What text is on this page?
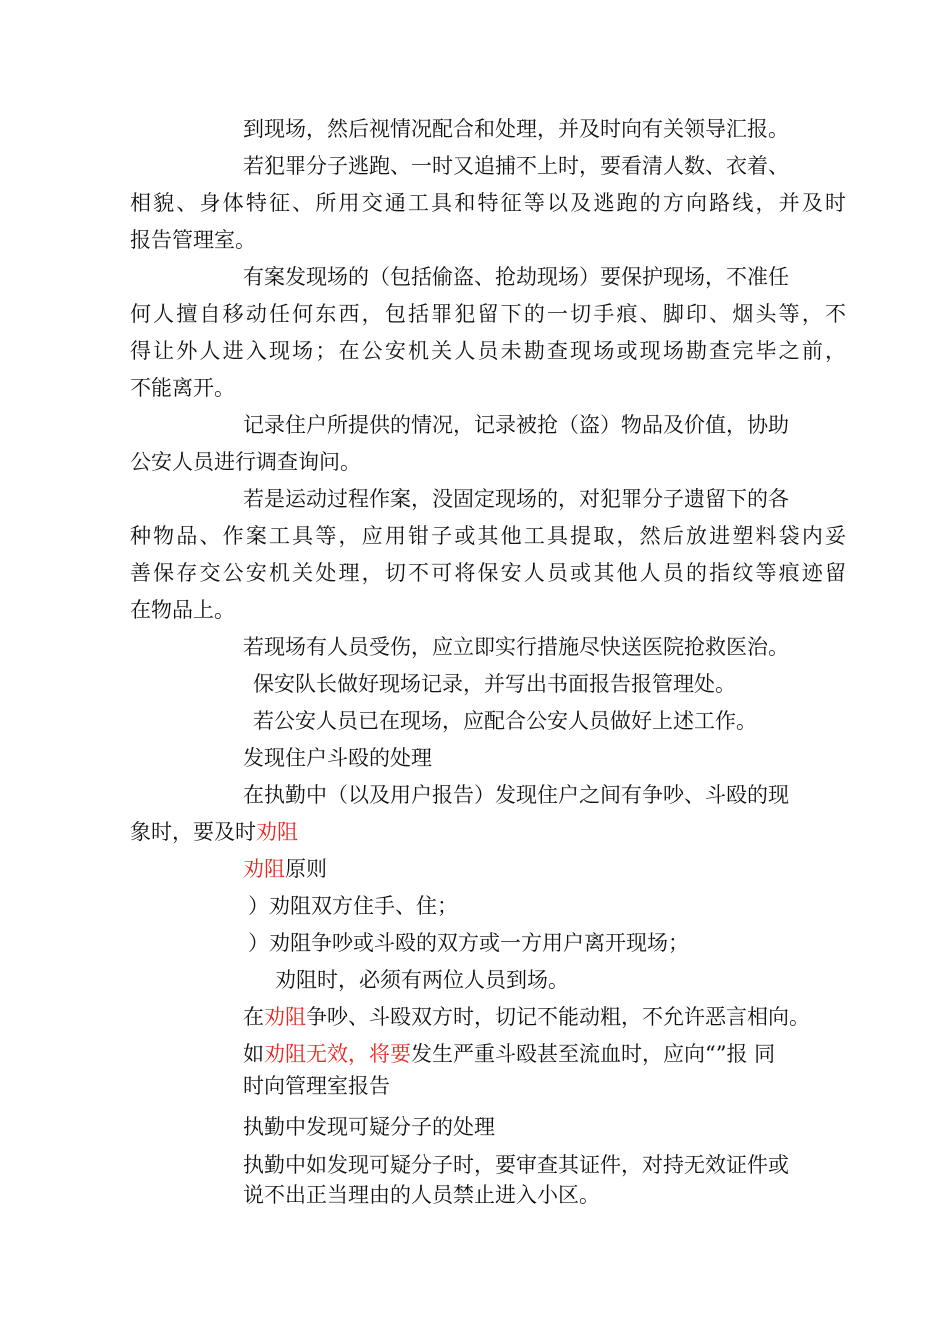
到现场，然后视情况配合和处理，并及时向有关领导汇报。
若犯罪分子逃跑、一时又追捕不上时，要看清人数、衣着、
相貌、身体特征、所用交通工具和特征等以及逃跑的方向路线，并及时
报告管理室。
有案发现场的（包括偷盗、抢劫现场）要保护现场，不准任
何人擅自移动任何东西，包括罪犯留下的一切手痕、脚印、烟头等，不
得让外人进入现场；在公安机关人员未勘查现场或现场勘查完毕之前，
不能离开。
记录住户所提供的情况，记录被抢（盗）物品及价值，协助
公安人员进行调查询问。
若是运动过程作案，没固定现场的，对犯罪分子遗留下的各
种物品、作案工具等，应用钳子或其他工具提取，然后放进塑料袋内妥
善保存交公安机关处理，切不可将保安人员或其他人员的指纹等痕迹留
在物品上。
若现场有人员受伤，应立即实行措施尽快送医院抢救医治。
保安队长做好现场记录，并写出书面报告报管理处。
若公安人员已在现场，应配合公安人员做好上述工作。
发现住户斗殴的处理
在执勤中（以及用户报告）发现住户之间有争吵、斗殴的现
象时，要及时劝阻
劝阻原则
）劝阻双方住手、住；
）劝阻争吵或斗殴的双方或一方用户离开现场；
劝阻时，必须有两位人员到场。
在劝阻争吵、斗殴双方时，切记不能动粗，不允许恶言相向。
如劝阻无效，将要发生严重斗殴甚至流血时，应向“”报 同
时向管理室报告
执勤中发现可疑分子的处理
执勤中如发现可疑分子时，要审查其证件，对持无效证件或
说不出正当理由的人员禁止进入小区。
